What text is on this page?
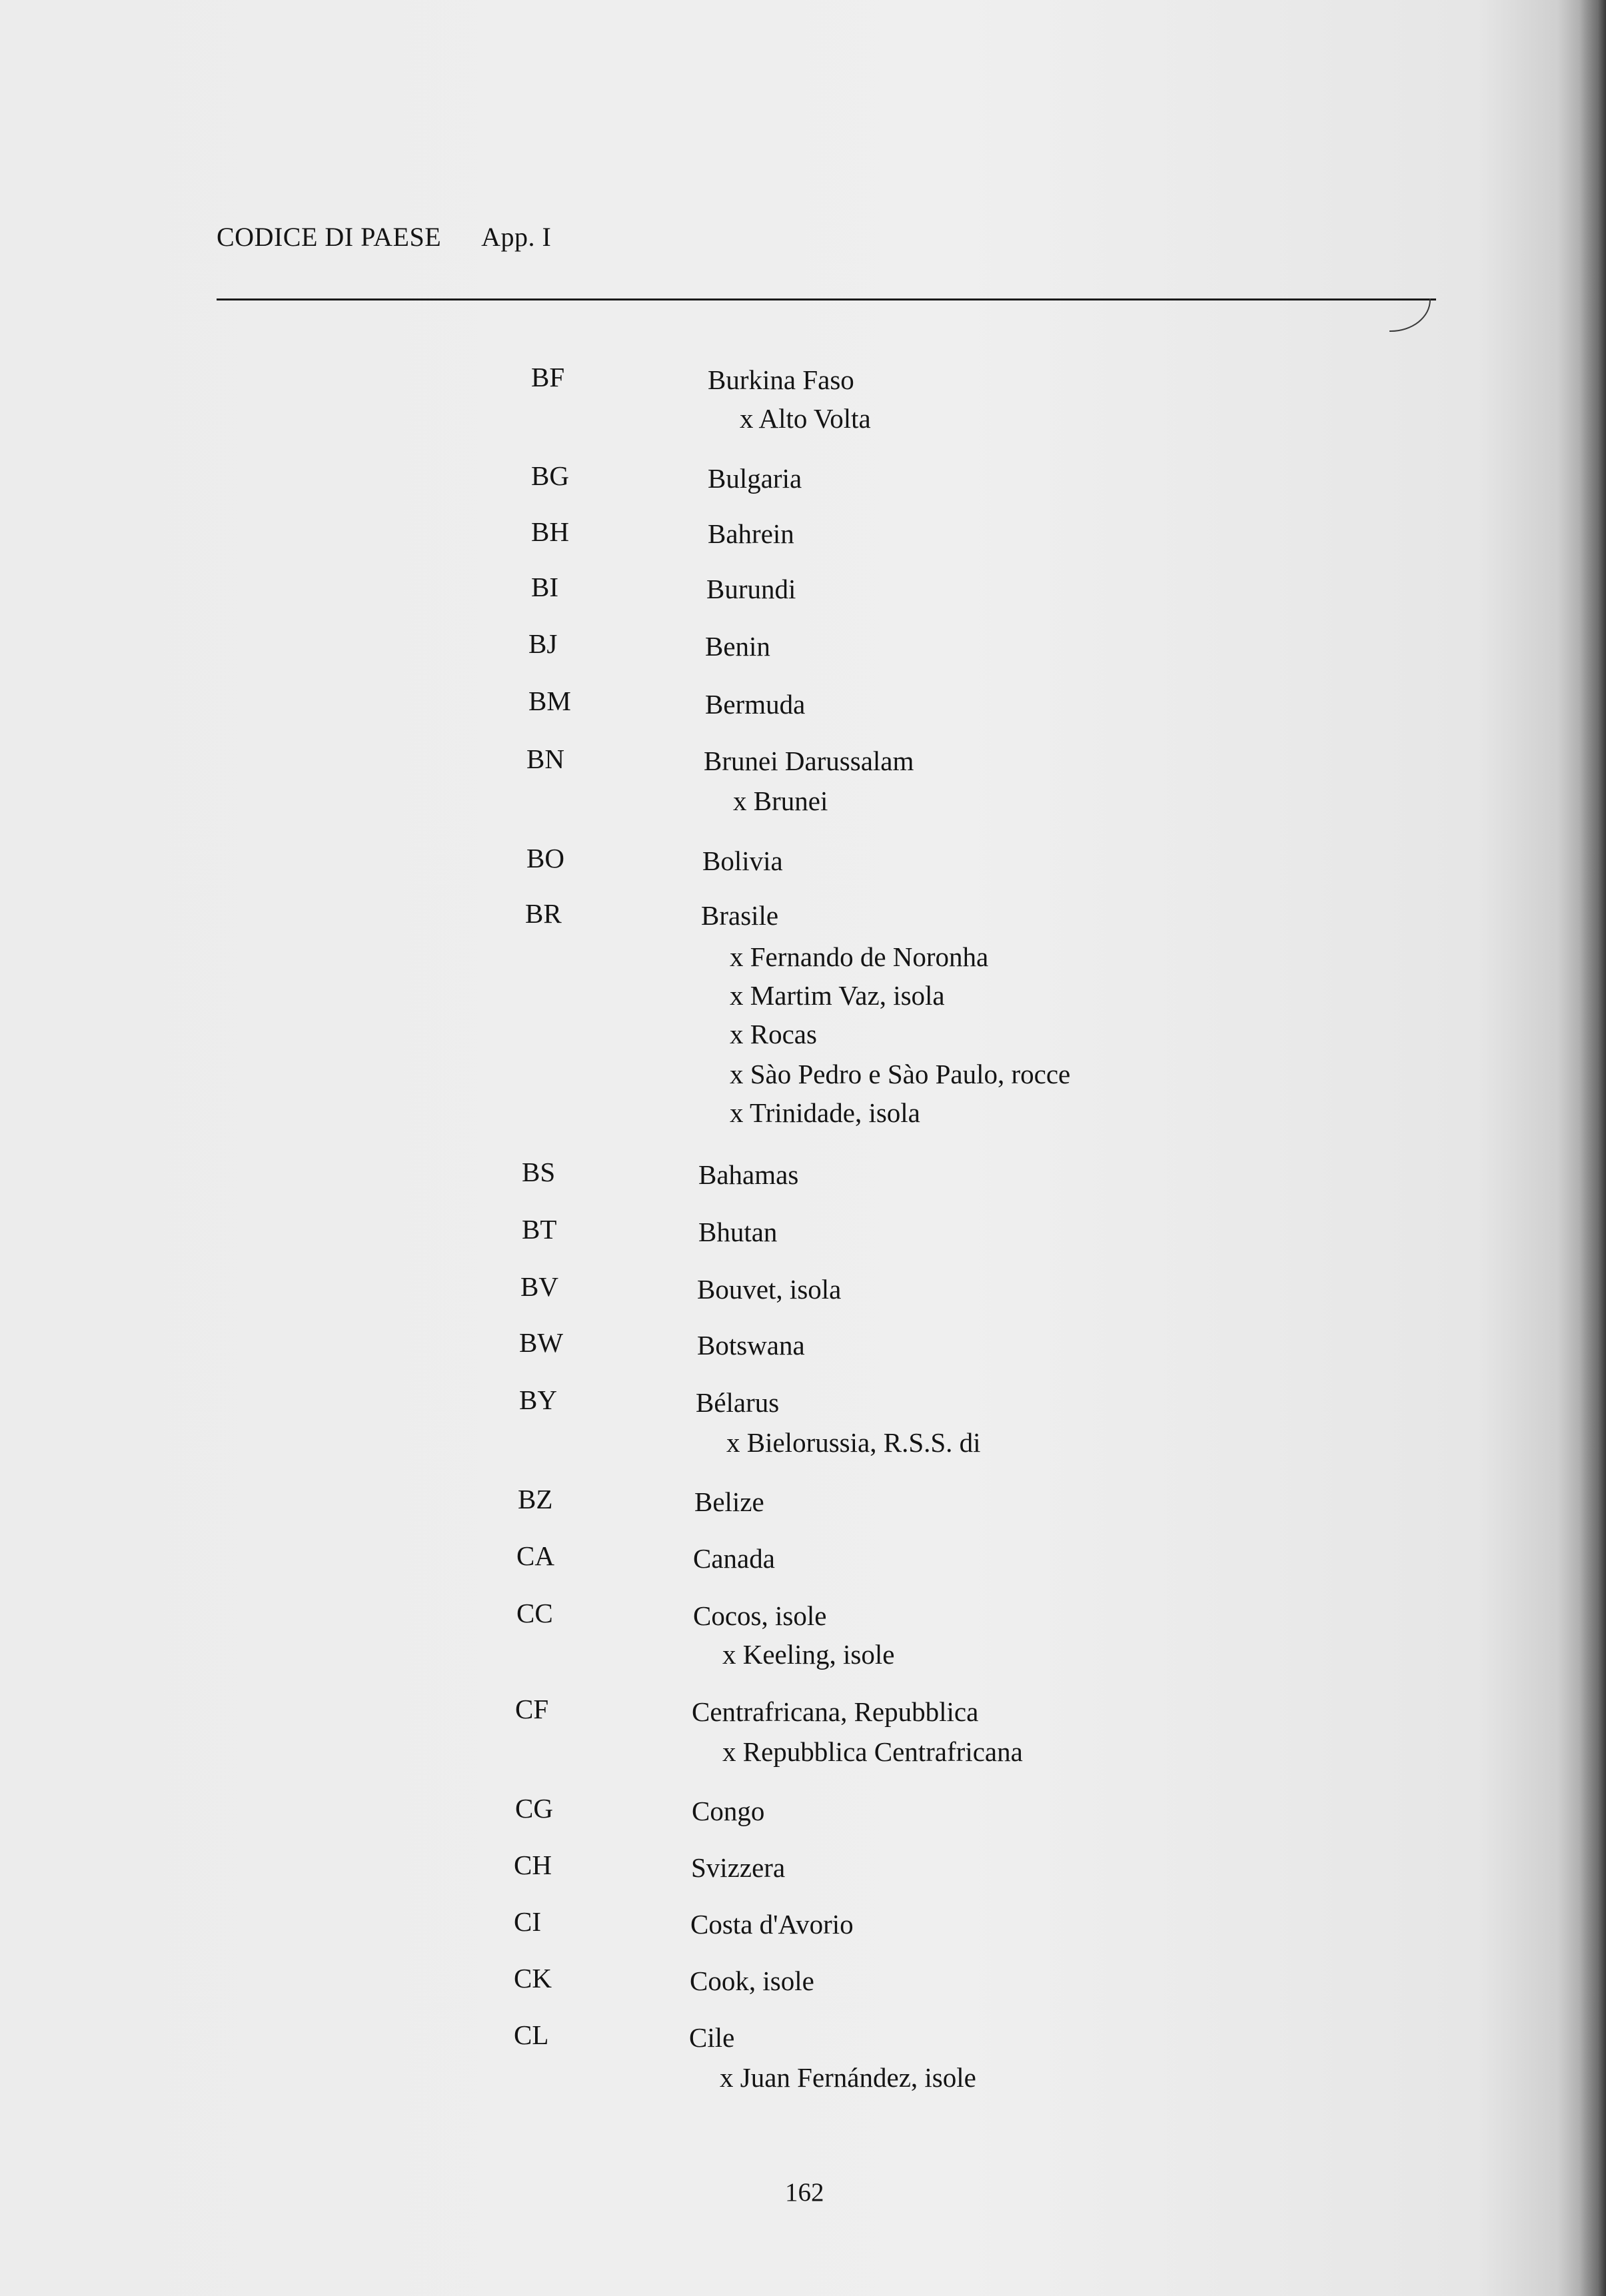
CODICE DI PAESE App. I
BF	Burkina Faso
x Alto Volta
BG	Bulgaria
BH	Bahrein
BI	Burundi
BJ	Benin
BM	Bermuda
BN	Brunei Darussalam
x Brunei
BO	Bolivia
BR	Brasile
x Fernando de Noronha
x Martim Vaz, isola
x Rocas
x Sào Pedro e Sào Paulo, rocce
x Trinidade, isola
BS	Bahamas
BT	Bhutan
BV	Bouvet, isola
BW	Botswana
BY	Bélarus
x Bielorussia, R.S.S. di
BZ	Belize
CA	Canada
CC	Cocos, isole
x Keeling, isole
CF	Centrafricana, Repubblica
x Repubblica Centrafricana
CG	Congo
CH	Svizzera
CI	Costa d'Avorio
CK	Cook, isole
CL	Cile
x Juan Fernández, isole
162
